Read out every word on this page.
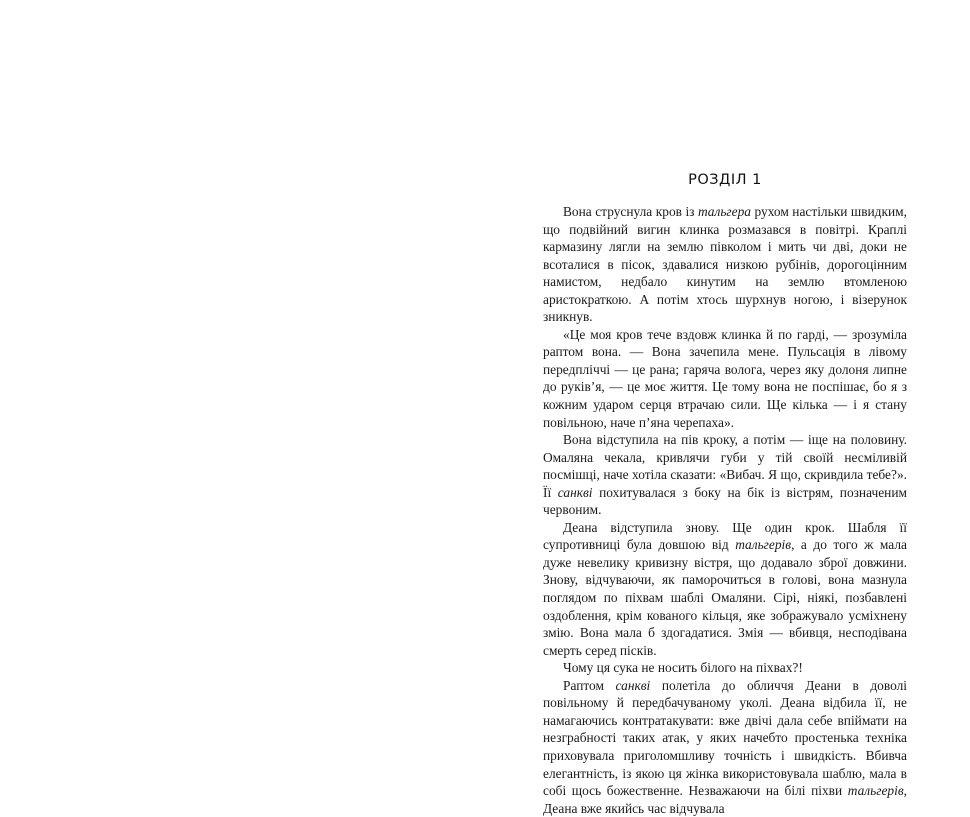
РОЗДІЛ 1

Вона струснула кров із тальгера рухом настільки швидким, що подвійний вигин клинка розмазався в повітрі. Краплі кармазину лягли на землю півколом і мить чи дві, доки не всоталися в пісок, здавалися низкою рубінів, дорогоцінним намистом, недбало кинутим на землю втомленою аристократкою. А потім хтось шурхнув ногою, і візерунок зникнув.

«Це моя кров тече вздовж клинка й по гарді, — зрозуміла раптом вона. — Вона зачепила мене. Пульсація в лівому передпліччі — це рана; гаряча волога, через яку долоня липне до руків’я, — це моє життя. Це тому вона не поспішає, бо я з кожним ударом серця втрачаю сили. Ще кілька — і я стану повільною, наче п’яна черепаха».

Вона відступила на пів кроку, а потім — іще на половину. Омаляна чекала, кривлячи губи у тій своїй несміливій посмішці, наче хотіла сказати: «Вибач. Я що, скривдила тебе?». Її санкві похитувалася з боку на бік із вістрям, позначеним червоним.

Деана відступила знову. Ще один крок. Шабля її супротивниці була довшою від тальгерів, а до того ж мала дуже невелику кривизну вістря, що додавало зброї довжини. Знову, відчуваючи, як паморочиться в голові, вона мазнула поглядом по піхвам шаблі Омаляни. Сірі, ніякі, позбавлені оздоблення, крім кованого кільця, яке зображувало усміхнену змію. Вона мала б здогадатися. Змія — вбивця, несподівана смерть серед пісків.

Чому ця сука не носить білого на піхвах?!

Раптом санкві полетіла до обличчя Деани в доволі повільному й передбачуваному уколі. Деана відбила її, не намагаючись контратакувати: вже двічі дала себе впіймати на незграбності таких атак, у яких начебто простенька техніка приховувала приголомшливу точність і швидкість. Вбивча елегантність, із якою ця жінка використовувала шаблю, мала в собі щось божественне. Незважаючи на білі піхви тальгерів, Деана вже якийсь час відчувала
